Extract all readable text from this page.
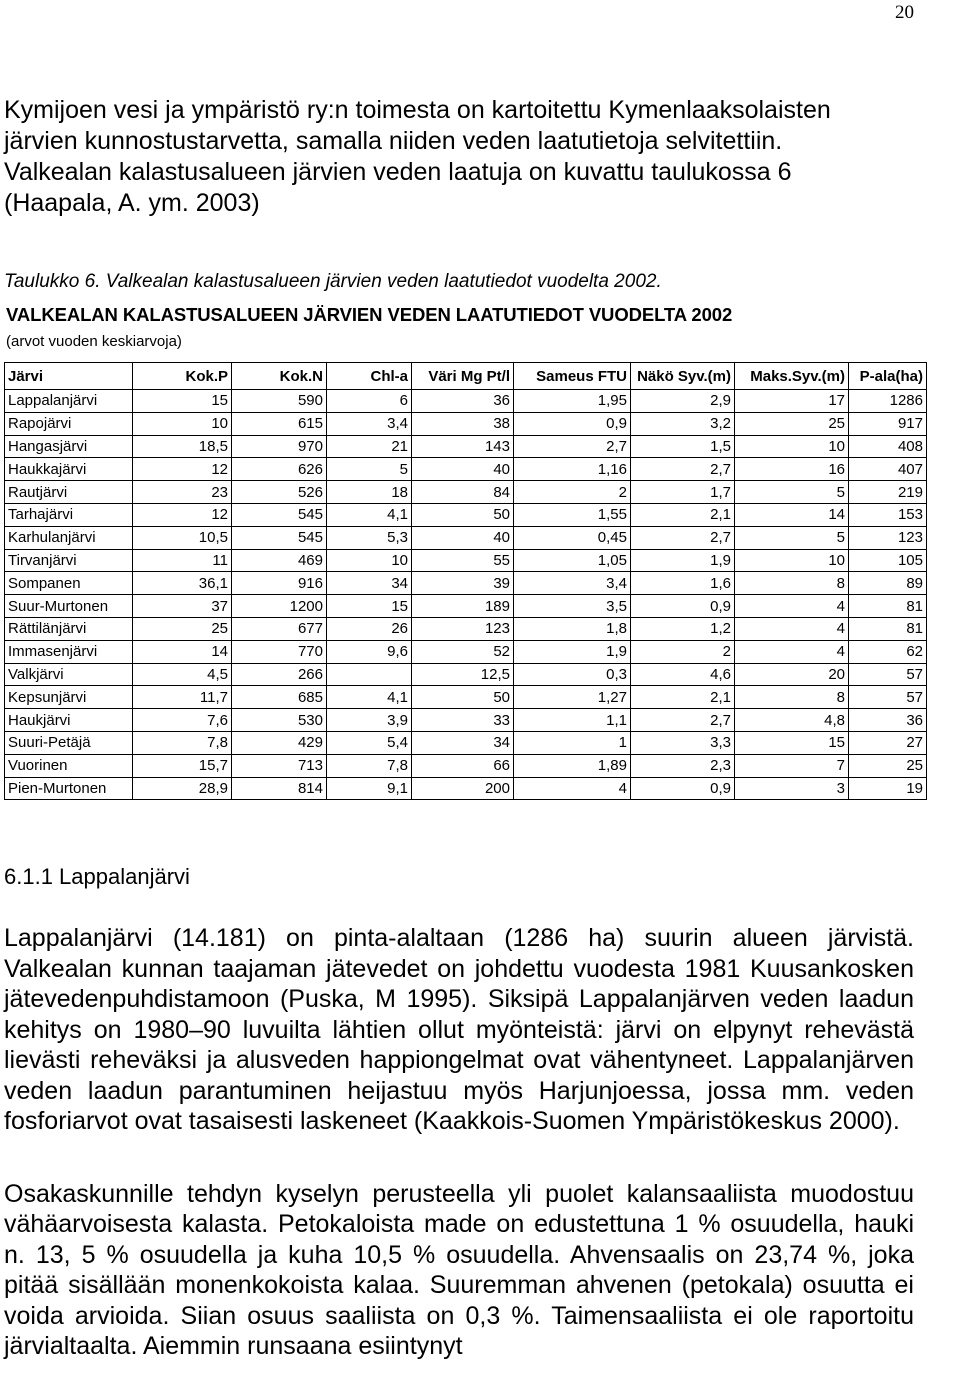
20

Kymijoen vesi ja ympäristö ry:n toimesta on kartoitettu Kymenlaaksolaisten

järvien kunnostustarvetta, samalla niiden veden laatutietoja selvitettiin.

Valkealan kalastusalueen järvien veden laatuja on kuvattu taulukossa 6

(Haapala, A. ym. 2003)

Taulukko 6. Valkealan kalastusalueen järvien veden laatutiedot vuodelta 2002.
VALKEALAN KALASTUSALUEEN JÄRVIEN VEDEN LAATUTIEDOT VUODELTA 2002
(arvot vuoden keskiarvoja)
Järvi	Kok.P	Kok.N	Chl-a	Väri Mg Pt/l	Sameus FTU	Näkö Syv.(m)	Maks.Syv.(m)	P-ala(ha)
Lappalanjärvi	15	590	6	36	1,95	2,9	17	1286
Rapojärvi	10	615	3,4	38	0,9	3,2	25	917
Hangasjärvi	18,5	970	21	143	2,7	1,5	10	408
Haukkajärvi	12	626	5	40	1,16	2,7	16	407
Rautjärvi	23	526	18	84	2	1,7	5	219
Tarhajärvi	12	545	4,1	50	1,55	2,1	14	153
Karhulanjärvi	10,5	545	5,3	40	0,45	2,7	5	123
Tirvanjärvi	11	469	10	55	1,05	1,9	10	105
Sompanen	36,1	916	34	39	3,4	1,6	8	89
Suur-Murtonen	37	1200	15	189	3,5	0,9	4	81
Rättilänjärvi	25	677	26	123	1,8	1,2	4	81
Immasenjärvi	14	770	9,6	52	1,9	2	4	62
Valkjärvi	4,5	266		12,5	0,3	4,6	20	57
Kepsunjärvi	11,7	685	4,1	50	1,27	2,1	8	57
Haukjärvi	7,6	530	3,9	33	1,1	2,7	4,8	36
Suuri-Petäjä	7,8	429	5,4	34	1	3,3	15	27
Vuorinen	15,7	713	7,8	66	1,89	2,3	7	25
Pien-Murtonen	28,9	814	9,1	200	4	0,9	3	19
6.1.1 Lappalanjärvi

Lappalanjärvi (14.181) on pinta-alaltaan (1286 ha) suurin alueen järvistä. Valkealan kunnan taajaman jätevedet on johdettu vuodesta 1981 Kuusankosken jätevedenpuhdistamoon (Puska, M 1995). Siksipä Lappalanjärven veden laadun kehitys on 1980–90 luvuilta lähtien ollut myönteistä: järvi on elpynyt rehevästä lievästi reheväksi ja alusveden happiongelmat ovat vähentyneet. Lappalanjärven veden laadun parantuminen heijastuu myös Harjunjoessa, jossa mm. veden fosforiarvot ovat tasaisesti laskeneet (Kaakkois-Suomen Ympäristökeskus 2000).

Osakaskunnille tehdyn kyselyn perusteella yli puolet kalansaaliista muodostuu vähäarvoisesta kalasta. Petokaloista made on edustettuna 1 % osuudella, hauki n. 13, 5 % osuudella ja kuha 10,5 % osuudella. Ahvensaalis on 23,74 %, joka pitää sisällään monenkokoista kalaa. Suuremman ahvenen (petokala) osuutta ei voida arvioida. Siian osuus saaliista on 0,3 %. Taimensaaliista ei ole raportoitu järvialtaalta. Aiemmin runsaana esiintynyt
